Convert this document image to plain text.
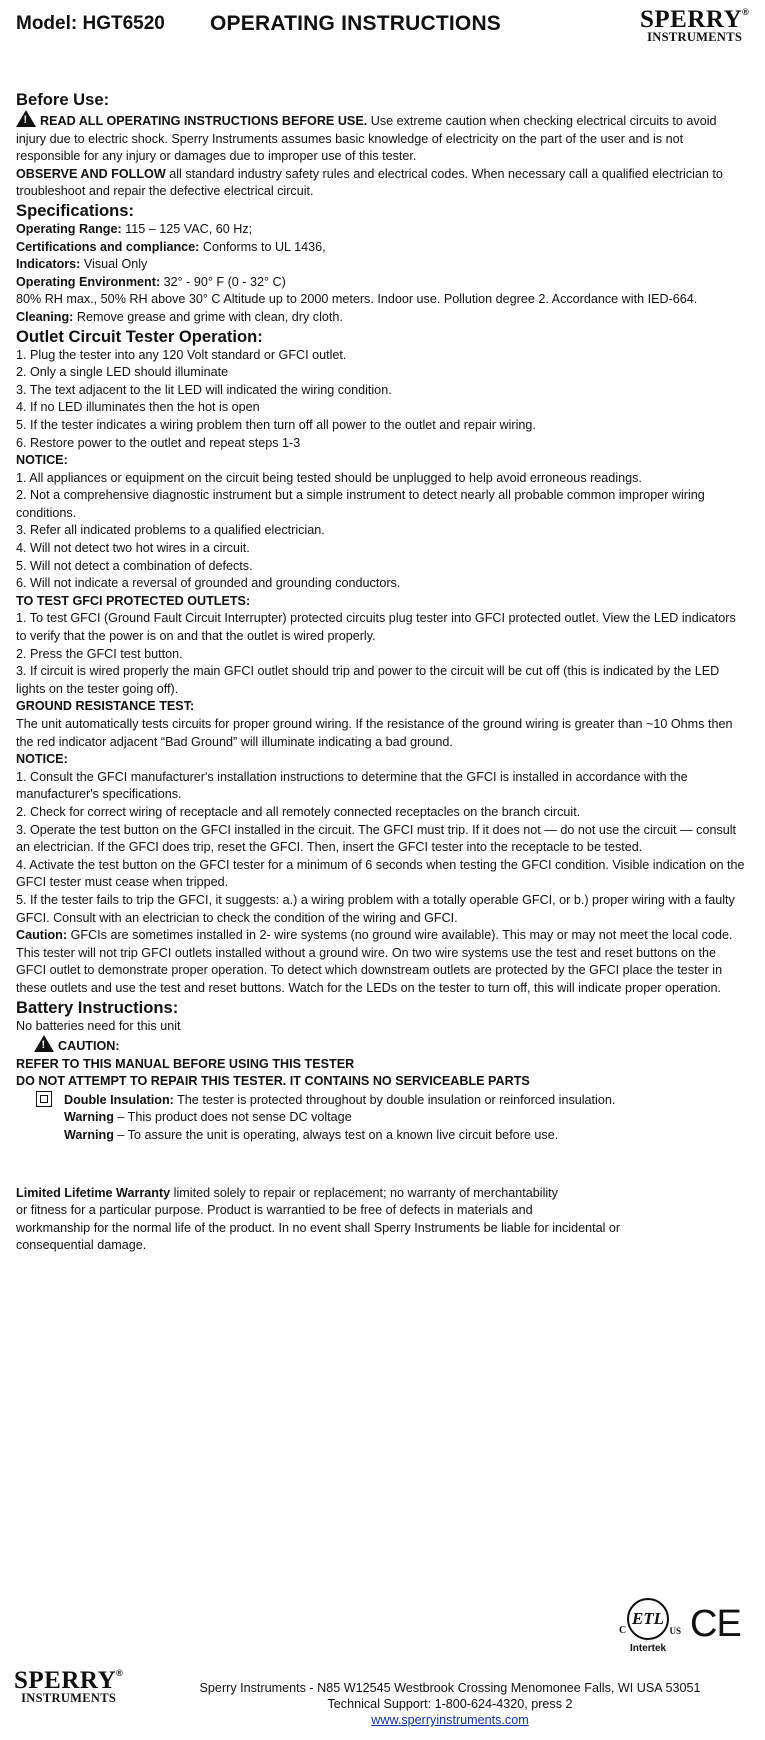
Model: HGT6520 OPERATING INSTRUCTIONS	SPERRY®
INSTRUMENTS

Before Use:

!READ ALL OPERATING INSTRUCTIONS BEFORE USE. Use extreme caution when checking electrical circuits to avoid injury due to electric shock. Sperry Instruments assumes basic knowledge of electricity on the part of the user and is not responsible for any injury or damages due to improper use of this tester.

OBSERVE AND FOLLOW all standard industry safety rules and electrical codes. When necessary call a qualified electrician to troubleshoot and repair the defective electrical circuit.

Specifications:

Operating Range: 115 – 125 VAC, 60 Hz;

Certifications and compliance: Conforms to UL 1436,

Indicators: Visual Only

Operating Environment: 32° - 90° F (0 - 32° C)

80% RH max., 50% RH above 30° C Altitude up to 2000 meters. Indoor use. Pollution degree 2. Accordance with IED-664.

Cleaning: Remove grease and grime with clean, dry cloth.

Outlet Circuit Tester Operation:

1. Plug the tester into any 120 Volt standard or GFCI outlet.

2. Only a single LED should illuminate

3. The text adjacent to the lit LED will indicated the wiring condition.

4. If no LED illuminates then the hot is open

5. If the tester indicates a wiring problem then turn off all power to the outlet and repair wiring.

6. Restore power to the outlet and repeat steps 1-3

NOTICE:

1. All appliances or equipment on the circuit being tested should be unplugged to help avoid erroneous readings.

2. Not a comprehensive diagnostic instrument but a simple instrument to detect nearly all probable common improper wiring conditions.

3. Refer all indicated problems to a qualified electrician.

4. Will not detect two hot wires in a circuit.

5. Will not detect a combination of defects.

6. Will not indicate a reversal of grounded and grounding conductors.

TO TEST GFCI PROTECTED OUTLETS:

1. To test GFCI (Ground Fault Circuit Interrupter) protected circuits plug tester into GFCI protected outlet. View the LED indicators to verify that the power is on and that the outlet is wired properly.

2. Press the GFCI test button.

3. If circuit is wired properly the main GFCI outlet should trip and power to the circuit will be cut off (this is indicated by the LED lights on the tester going off).

GROUND RESISTANCE TEST:

The unit automatically tests circuits for proper ground wiring. If the resistance of the ground wiring is greater than ~10 Ohms then the red indicator adjacent “Bad Ground” will illuminate indicating a bad ground.

NOTICE:

1. Consult the GFCI manufacturer's installation instructions to determine that the GFCI is installed in accordance with the manufacturer's specifications.

2. Check for correct wiring of receptacle and all remotely connected receptacles on the branch circuit.

3. Operate the test button on the GFCI installed in the circuit. The GFCI must trip. If it does not — do not use the circuit — consult an electrician. If the GFCI does trip, reset the GFCI. Then, insert the GFCI tester into the receptacle to be tested.

4. Activate the test button on the GFCI tester for a minimum of 6 seconds when testing the GFCI condition. Visible indication on the GFCI tester must cease when tripped.

5. If the tester fails to trip the GFCI, it suggests: a.) a wiring problem with a totally operable GFCI, or b.) proper wiring with a faulty GFCI. Consult with an electrician to check the condition of the wiring and GFCI.

Caution: GFCIs are sometimes installed in 2- wire systems (no ground wire available). This may or may not meet the local code. This tester will not trip GFCI outlets installed without a ground wire. On two wire systems use the test and reset buttons on the GFCI outlet to demonstrate proper operation. To detect which downstream outlets are protected by the GFCI place the tester in these outlets and use the test and reset buttons. Watch for the LEDs on the tester to turn off, this will indicate proper operation.

Battery Instructions:

No batteries need for this unit

!CAUTION:

REFER TO THIS MANUAL BEFORE USING THIS TESTER

DO NOT ATTEMPT TO REPAIR THIS TESTER. IT CONTAINS NO SERVICEABLE PARTS

Double Insulation: The tester is protected throughout by double insulation or reinforced insulation.

Warning – This product does not sense DC voltage

Warning – To assure the unit is operating, always test on a known live circuit before use.

Limited Lifetime Warranty limited solely to repair or replacement; no warranty of merchantability

or fitness for a particular purpose. Product is warrantied to be free of defects in materials and

workmanship for the normal life of the product. In no event shall Sperry Instruments be liable for incidental or

consequential damage.

C
ETL
US
Intertek
CE
SPERRY®
INSTRUMENTS
Sperry Instruments - N85 W12545 Westbrook Crossing Menomonee Falls, WI USA 53051
Technical Support: 1-800-624-4320, press 2
www.sperryinstruments.com
